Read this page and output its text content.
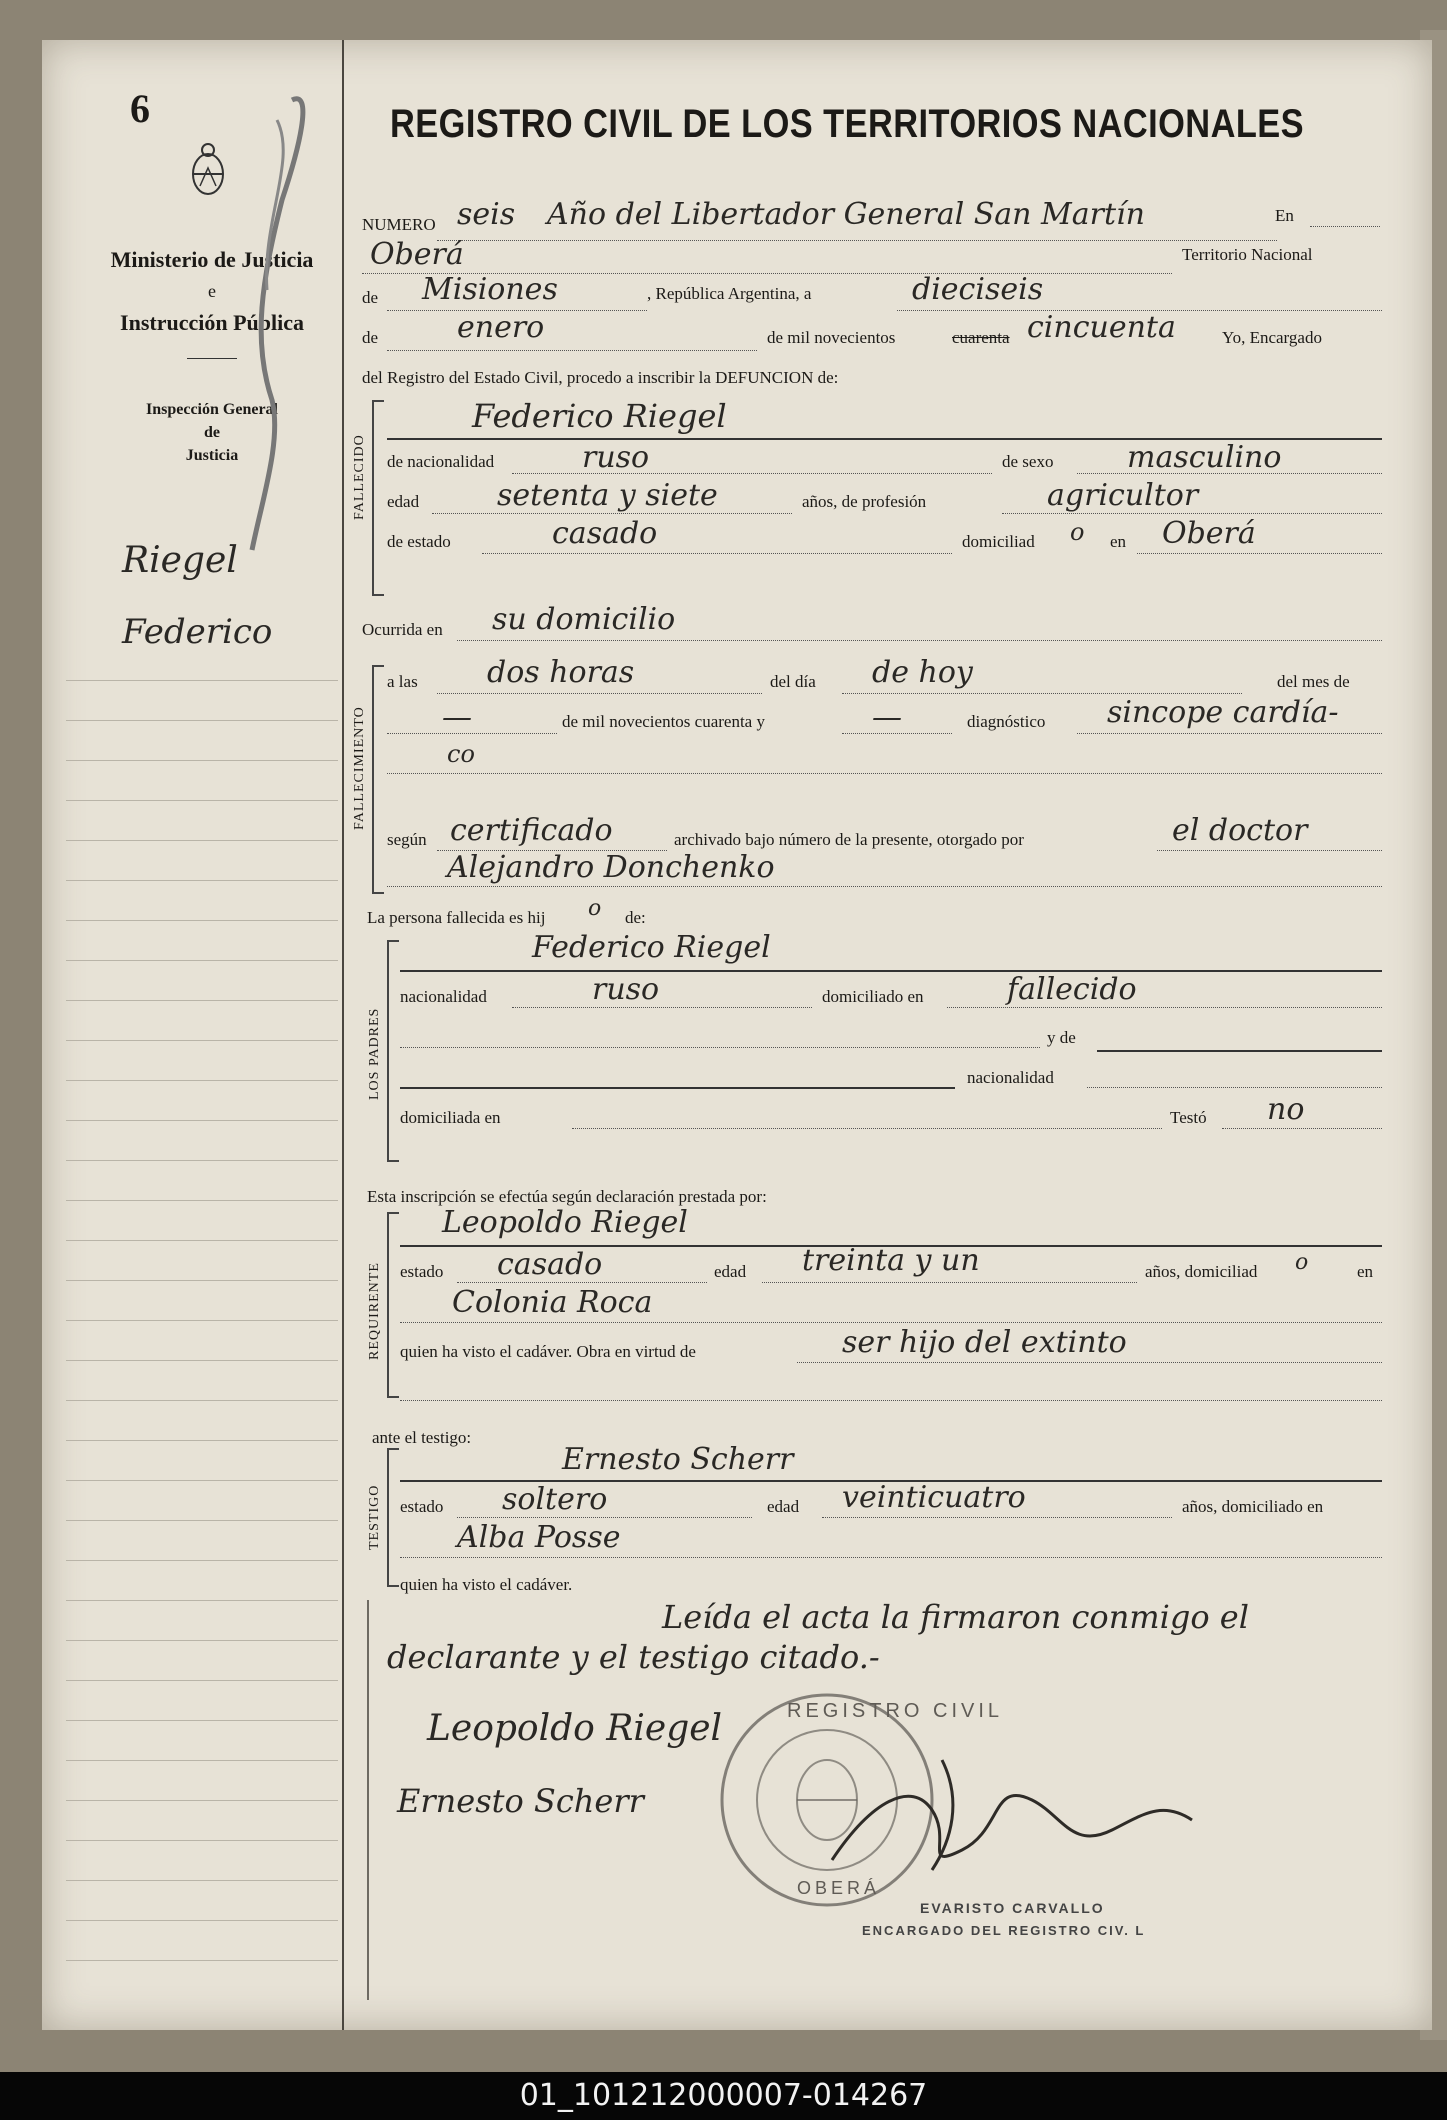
6
Ministerio de Justicia
e
Instrucción Pública
Inspección General
de
Justicia
Riegel
Federico
REGISTRO CIVIL DE LOS TERRITORIOS NACIONALES
NUMERO seis Año del Libertador General San Martín	En
Oberá	Territorio Nacional
de Misiones	, República Argentina, a	dieciseis
de	enero	de mil novecientos	cuarenta cincuenta	Yo, Encargado
del Registro del Estado Civil, procedo a inscribir la DEFUNCION de:
FALLECIDO
Federico Riegel
de nacionalidad	ruso	de sexo masculino
edad	setenta y siete	años, de profesión	agricultor
de estado	casado	domiciliad o en Oberá
Ocurrida en su domicilio
FALLECIMIENTO
a las dos horas	del día de hoy	del mes de
—	de mil novecientos cuarenta y	—	diagnóstico sincope cardía-
co
según certificado	archivado bajo número de la presente, otorgado por	el doctor
Alejandro Donchenko
La persona fallecida es hij o de:
LOS PADRES
Federico Riegel
nacionalidad	ruso	domiciliado en	fallecido
y de
nacionalidad
domiciliada en	Testó no
Esta inscripción se efectúa según declaración prestada por:
REQUIRENTE
Leopoldo Riegel
estado casado	edad treinta y un	años, domiciliad o	en
Colonia Roca
quien ha visto el cadáver. Obra en virtud de	ser hijo del extinto
ante el testigo:
TESTIGO
Ernesto Scherr
estado soltero	edad veinticuatro	años, domiciliado en
Alba Posse
quien ha visto el cadáver.
Leída el acta la firmaron conmigo el
declarante y el testigo citado.-
Leopoldo Riegel
Ernesto Scherr
REGISTRO CIVIL
OBERÁ
EVARISTO CARVALLO
ENCARGADO DEL REGISTRO CIV. L
01_101212000007-014267
